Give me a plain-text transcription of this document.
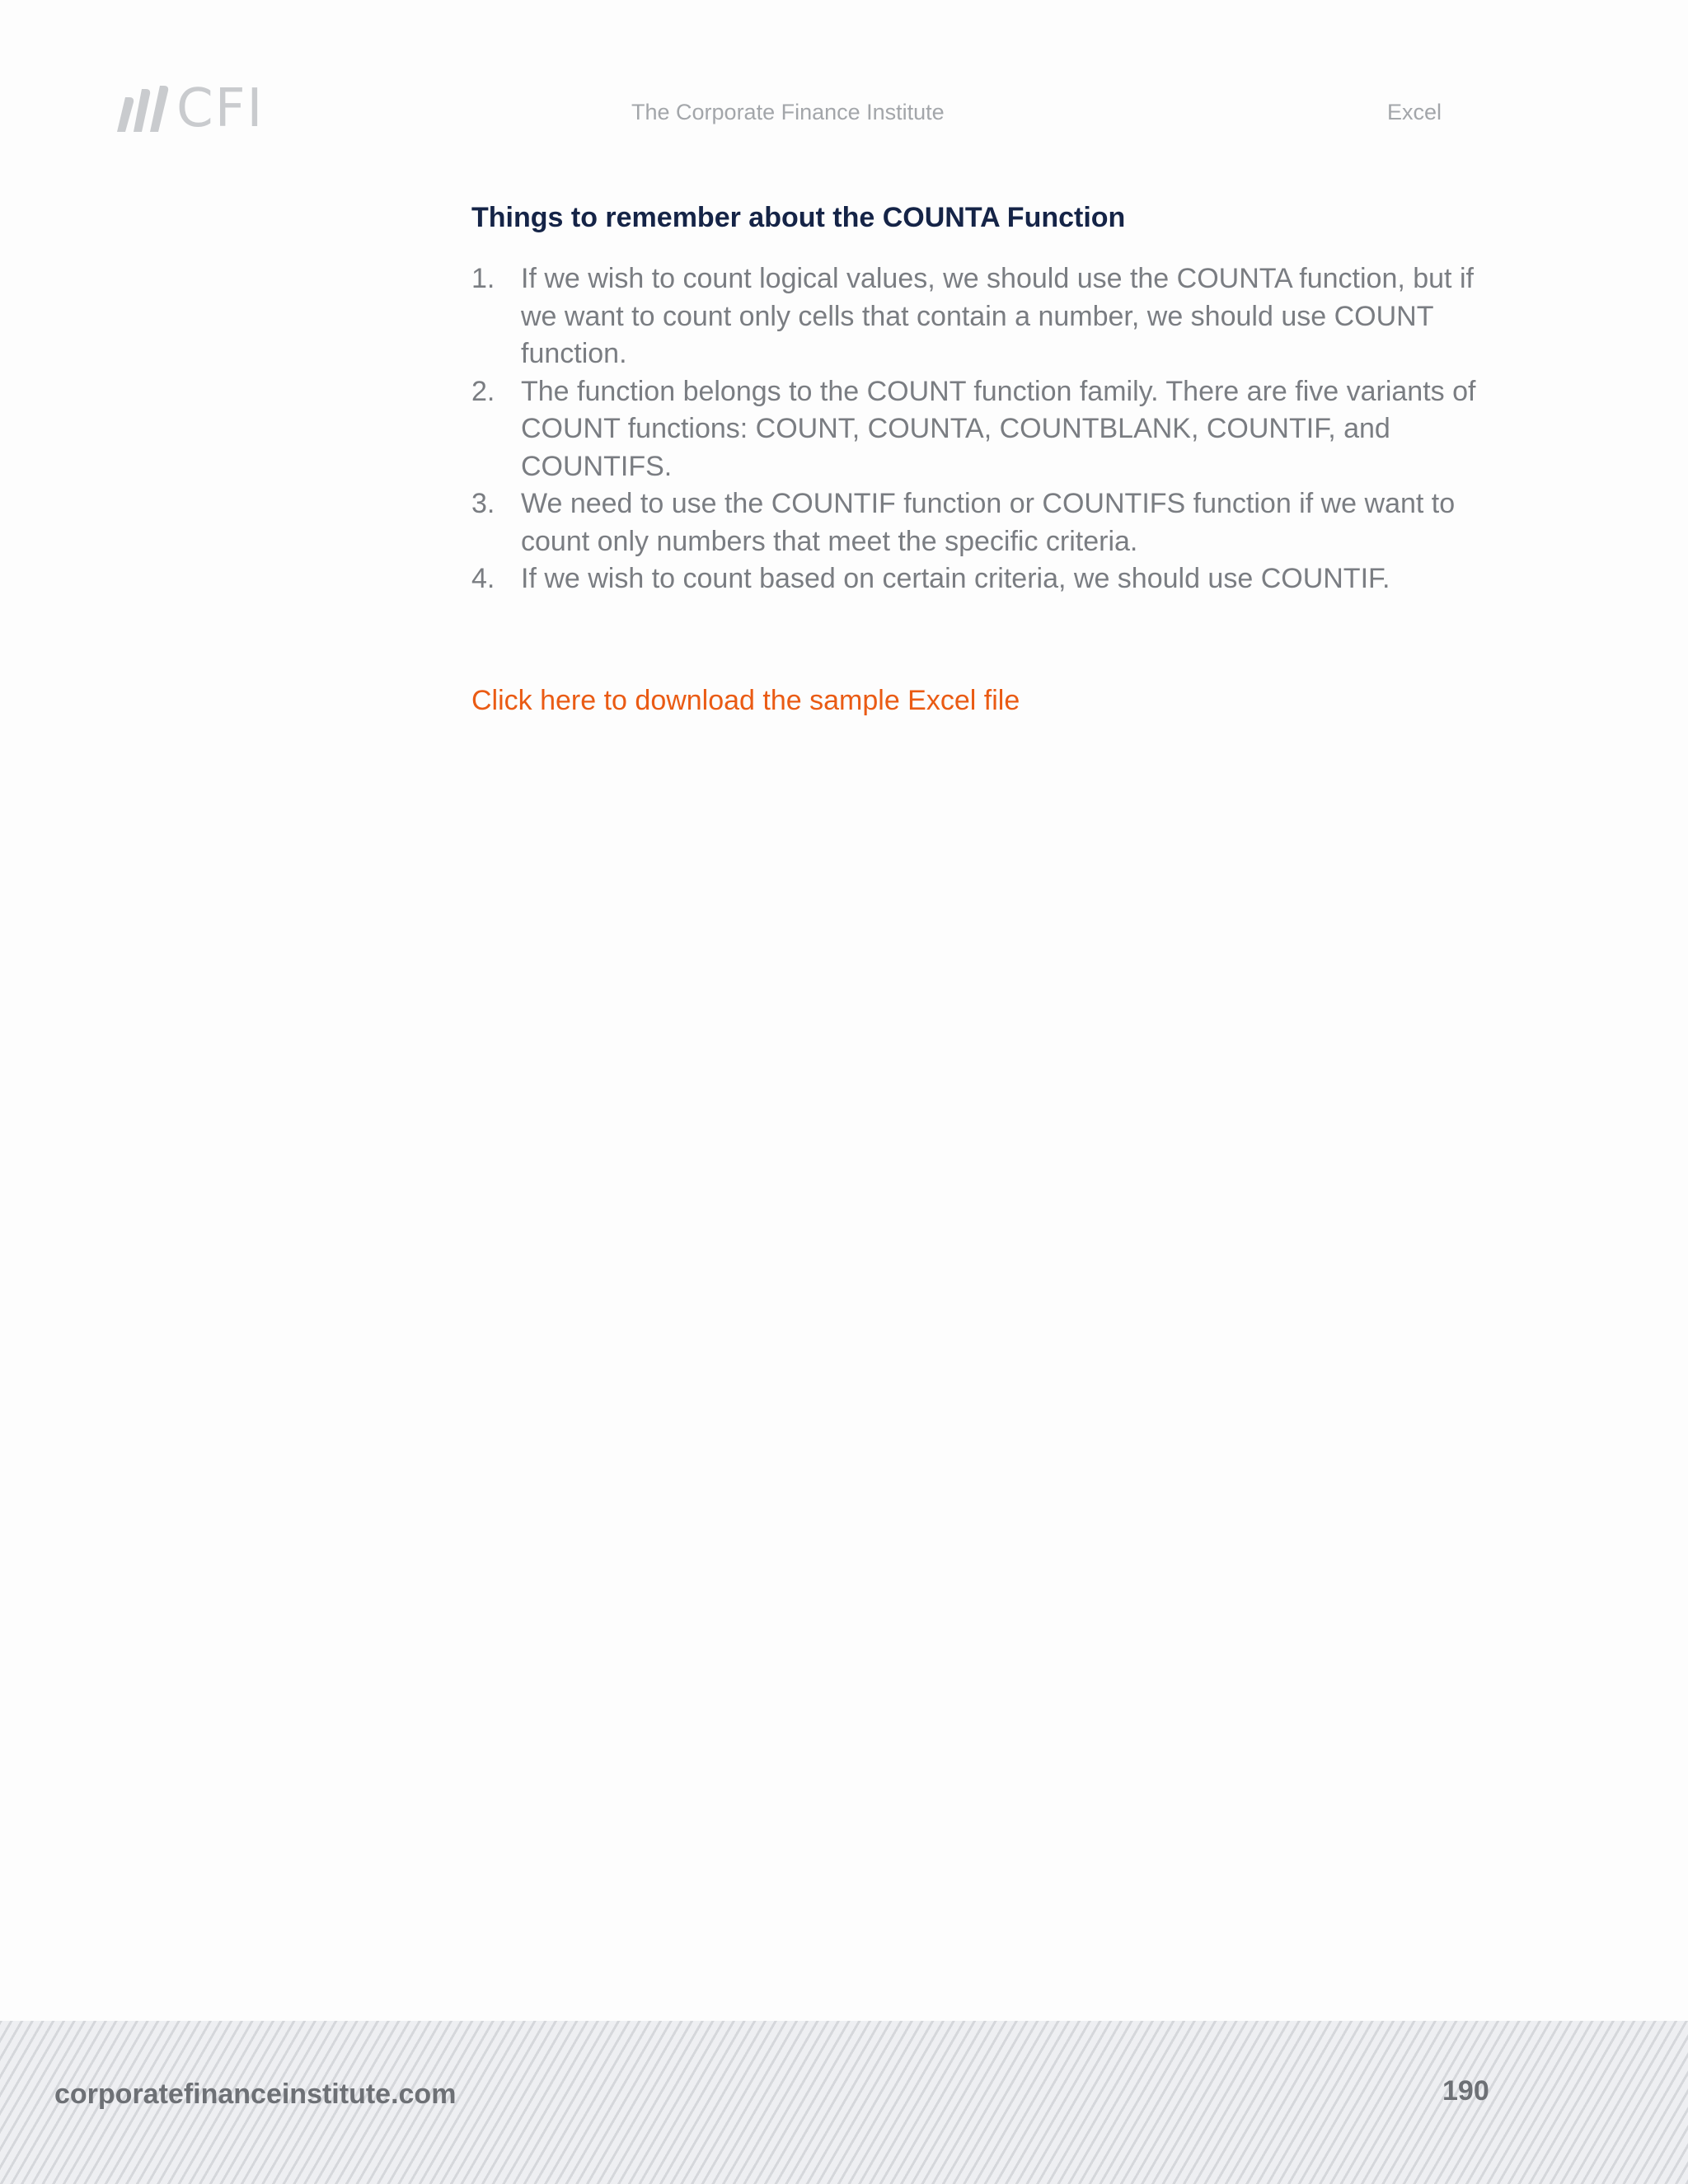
CFI	The Corporate Finance Institute	Excel
Things to remember about the COUNTA Function
1. If we wish to count logical values, we should use the COUNTA function, but if we want to count only cells that contain a number, we should use COUNT function.
2. The function belongs to the COUNT function family. There are five variants of COUNT functions: COUNT, COUNTA, COUNTBLANK, COUNTIF, and COUNTIFS.
3. We need to use the COUNTIF function or COUNTIFS function if we want to count only numbers that meet the specific criteria.
4. If we wish to count based on certain criteria, we should use COUNTIF.
Click here to download the sample Excel file
corporatefinanceinstitute.com	190
